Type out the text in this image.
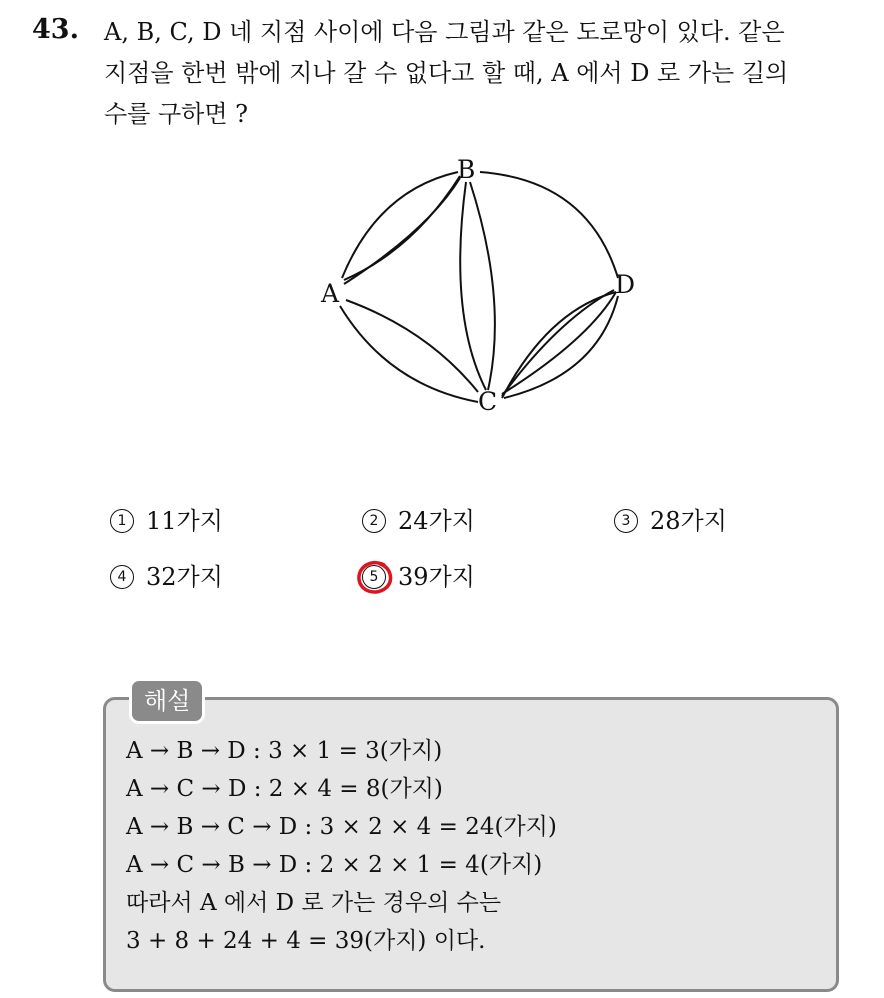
43. A, B, C, D 네 지점 사이에 다음 그림과 같은 도로망이 있다. 같은
지점을 한번 밖에 지나 갈 수 없다고 할 때, A 에서 D 로 가는 길의
수를 구하면 ?
B
A	D
C
1 11가지	2 24가지	3 28가지
4 32가지	5 39가지
해설
A → B → D : 3 × 1 = 3(가지)
A → C → D : 2 × 4 = 8(가지)
A → B → C → D : 3 × 2 × 4 = 24(가지)
A → C → B → D : 2 × 2 × 1 = 4(가지)
따라서 A 에서 D 로 가는 경우의 수는
3 + 8 + 24 + 4 = 39(가지) 이다.
